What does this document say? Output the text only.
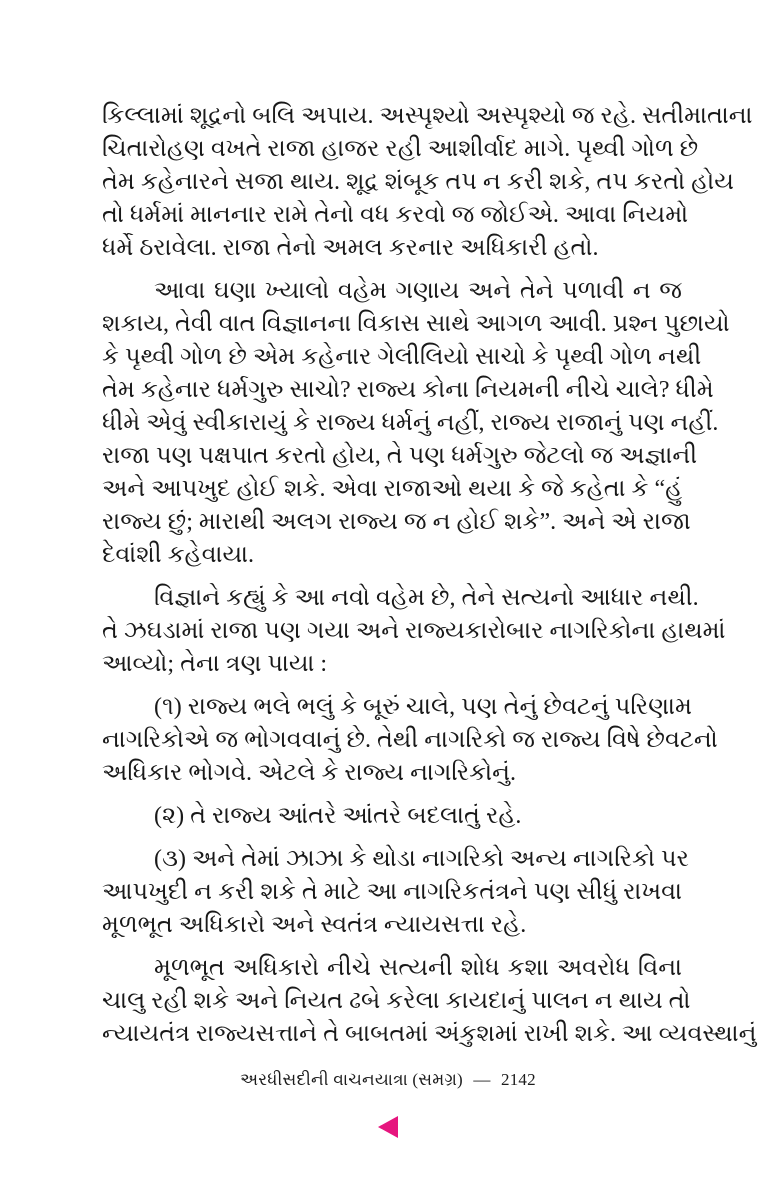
કિલ્લામાં શૂદ્રનો બલિ અપાય. અસ્પૃશ્યો અસ્પૃશ્યો જ રહે. સતીમાતાના
ચિતારોહણ વખતે રાજા હાજર રહી આશીર્વાદ માગે. પૃથ્વી ગોળ છે
તેમ કહેનારને સજા થાય. શૂદ્ર શંબૂક તપ ન કરી શકે, તપ કરતો હોય
તો ધર્મમાં માનનાર રામે તેનો વધ કરવો જ જોઈએ. આવા નિયમો
ધર્મે ઠરાવેલા. રાજા તેનો અમલ કરનાર અધિકારી હતો.
આવા ઘણા ખ્યાલો વહેમ ગણાય અને તેને પળાવી ન જ
શકાય, તેવી વાત વિજ્ઞાનના વિકાસ સાથે આગળ આવી. પ્રશ્ન પુછાયો
કે પૃથ્વી ગોળ છે એમ કહેનાર ગેલીલિયો સાચો કે પૃથ્વી ગોળ નથી
તેમ કહેનાર ધર્મગુરુ સાચો? રાજ્ય કોના નિયમની નીચે ચાલે? ધીમે
ધીમે એવું સ્વીકારાયું કે રાજ્ય ધર્મનું નહીં, રાજ્ય રાજાનું પણ નહીં.
રાજા પણ પક્ષપાત કરતો હોય, તે પણ ધર્મગુરુ જેટલો જ અજ્ઞાની
અને આપખુદ હોઈ શકે. એવા રાજાઓ થયા કે જે કહેતા કે “હું
રાજ્ય છું; મારાથી અલગ રાજ્ય જ ન હોઈ શકે”. અને એ રાજા
દેવાંશી કહેવાયા.
વિજ્ઞાને કહ્યું કે આ નવો વહેમ છે, તેને સત્યનો આધાર નથી.
તે ઝઘડામાં રાજા પણ ગયા અને રાજ્યકારોબાર નાગરિકોના હાથમાં
આવ્યો; તેના ત્રણ પાયા :
(૧) રાજ્ય ભલે ભલું કે બૂરું ચાલે, પણ તેનું છેવટનું પરિણામ
નાગરિકોએ જ ભોગવવાનું છે. તેથી નાગરિકો જ રાજ્ય વિષે છેવટનો
અધિકાર ભોગવે. એટલે કે રાજ્ય નાગરિકોનું.
(૨) તે રાજ્ય આંતરે આંતરે બદલાતું રહે.
(૩) અને તેમાં ઝાઝા કે થોડા નાગરિકો અન્ય નાગરિકો પર
આપખુદી ન કરી શકે તે માટે આ નાગરિકતંત્રને પણ સીધું રાખવા
મૂળભૂત અધિકારો અને સ્વતંત્ર ન્યાયસત્તા રહે.
મૂળભૂત અધિકારો નીચે સત્યની શોધ કશા અવરોધ વિના
ચાલુ રહી શકે અને નિયત ઢબે કરેલા કાયદાનું પાલન ન થાય તો
ન્યાયતંત્ર રાજ્યસત્તાને તે બાબતમાં અંકુશમાં રાખી શકે. આ વ્યવસ્થાનું
અરધીસદીની વાચનયાત્રા (સમગ્ર) — 2142
